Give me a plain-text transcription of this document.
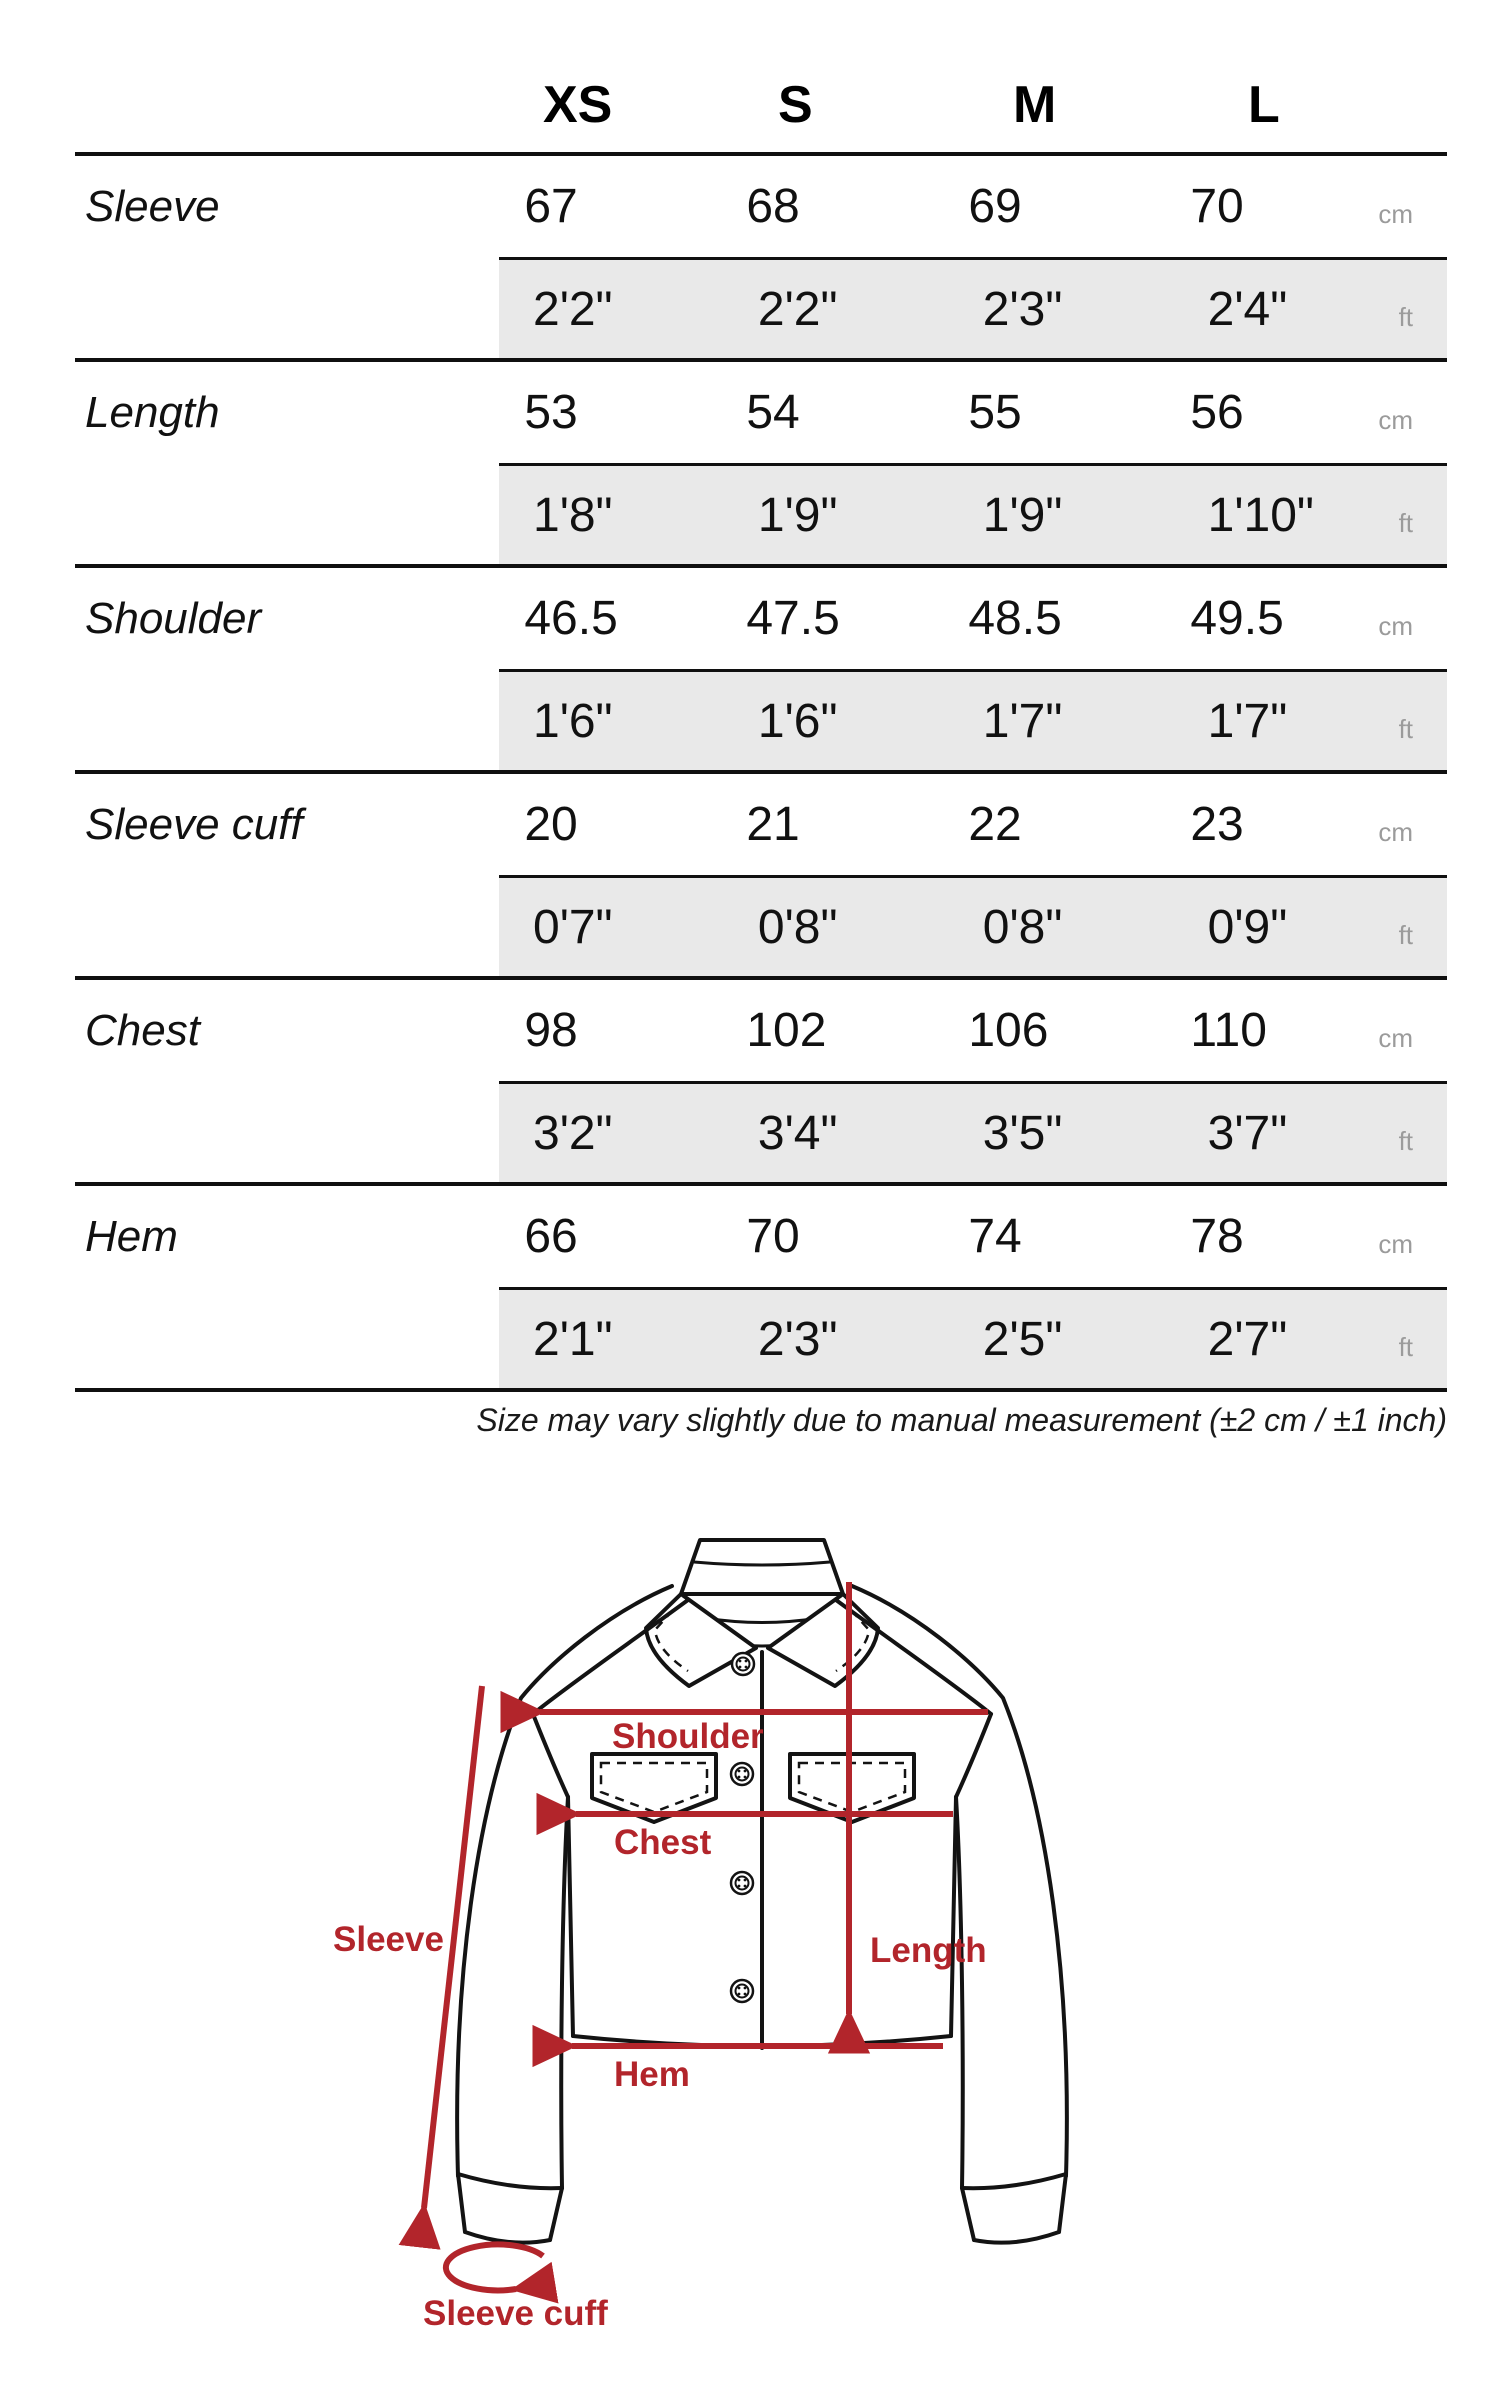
XS	S	M	L
Sleeve	67	68	69	70	cm
2'2"	2'2"	2'3"	2'4"	ft
Length	53	54	55	56	cm
1'8"	1'9"	1'9"	1'10"	ft
Shoulder	46.5	47.5	48.5	49.5	cm
1'6"	1'6"	1'7"	1'7"	ft
Sleeve cuff	20	21	22	23	cm
0'7"	0'8"	0'8"	0'9"	ft
Chest	98	102	106	110	cm
3'2"	3'4"	3'5"	3'7"	ft
Hem	66	70	74	78	cm
2'1"	2'3"	2'5"	2'7"	ft
Size may vary slightly due to manual measurement (±2 cm / ±1 inch)
Shoulder
Chest
Length
Hem
Sleeve
Sleeve cuff
